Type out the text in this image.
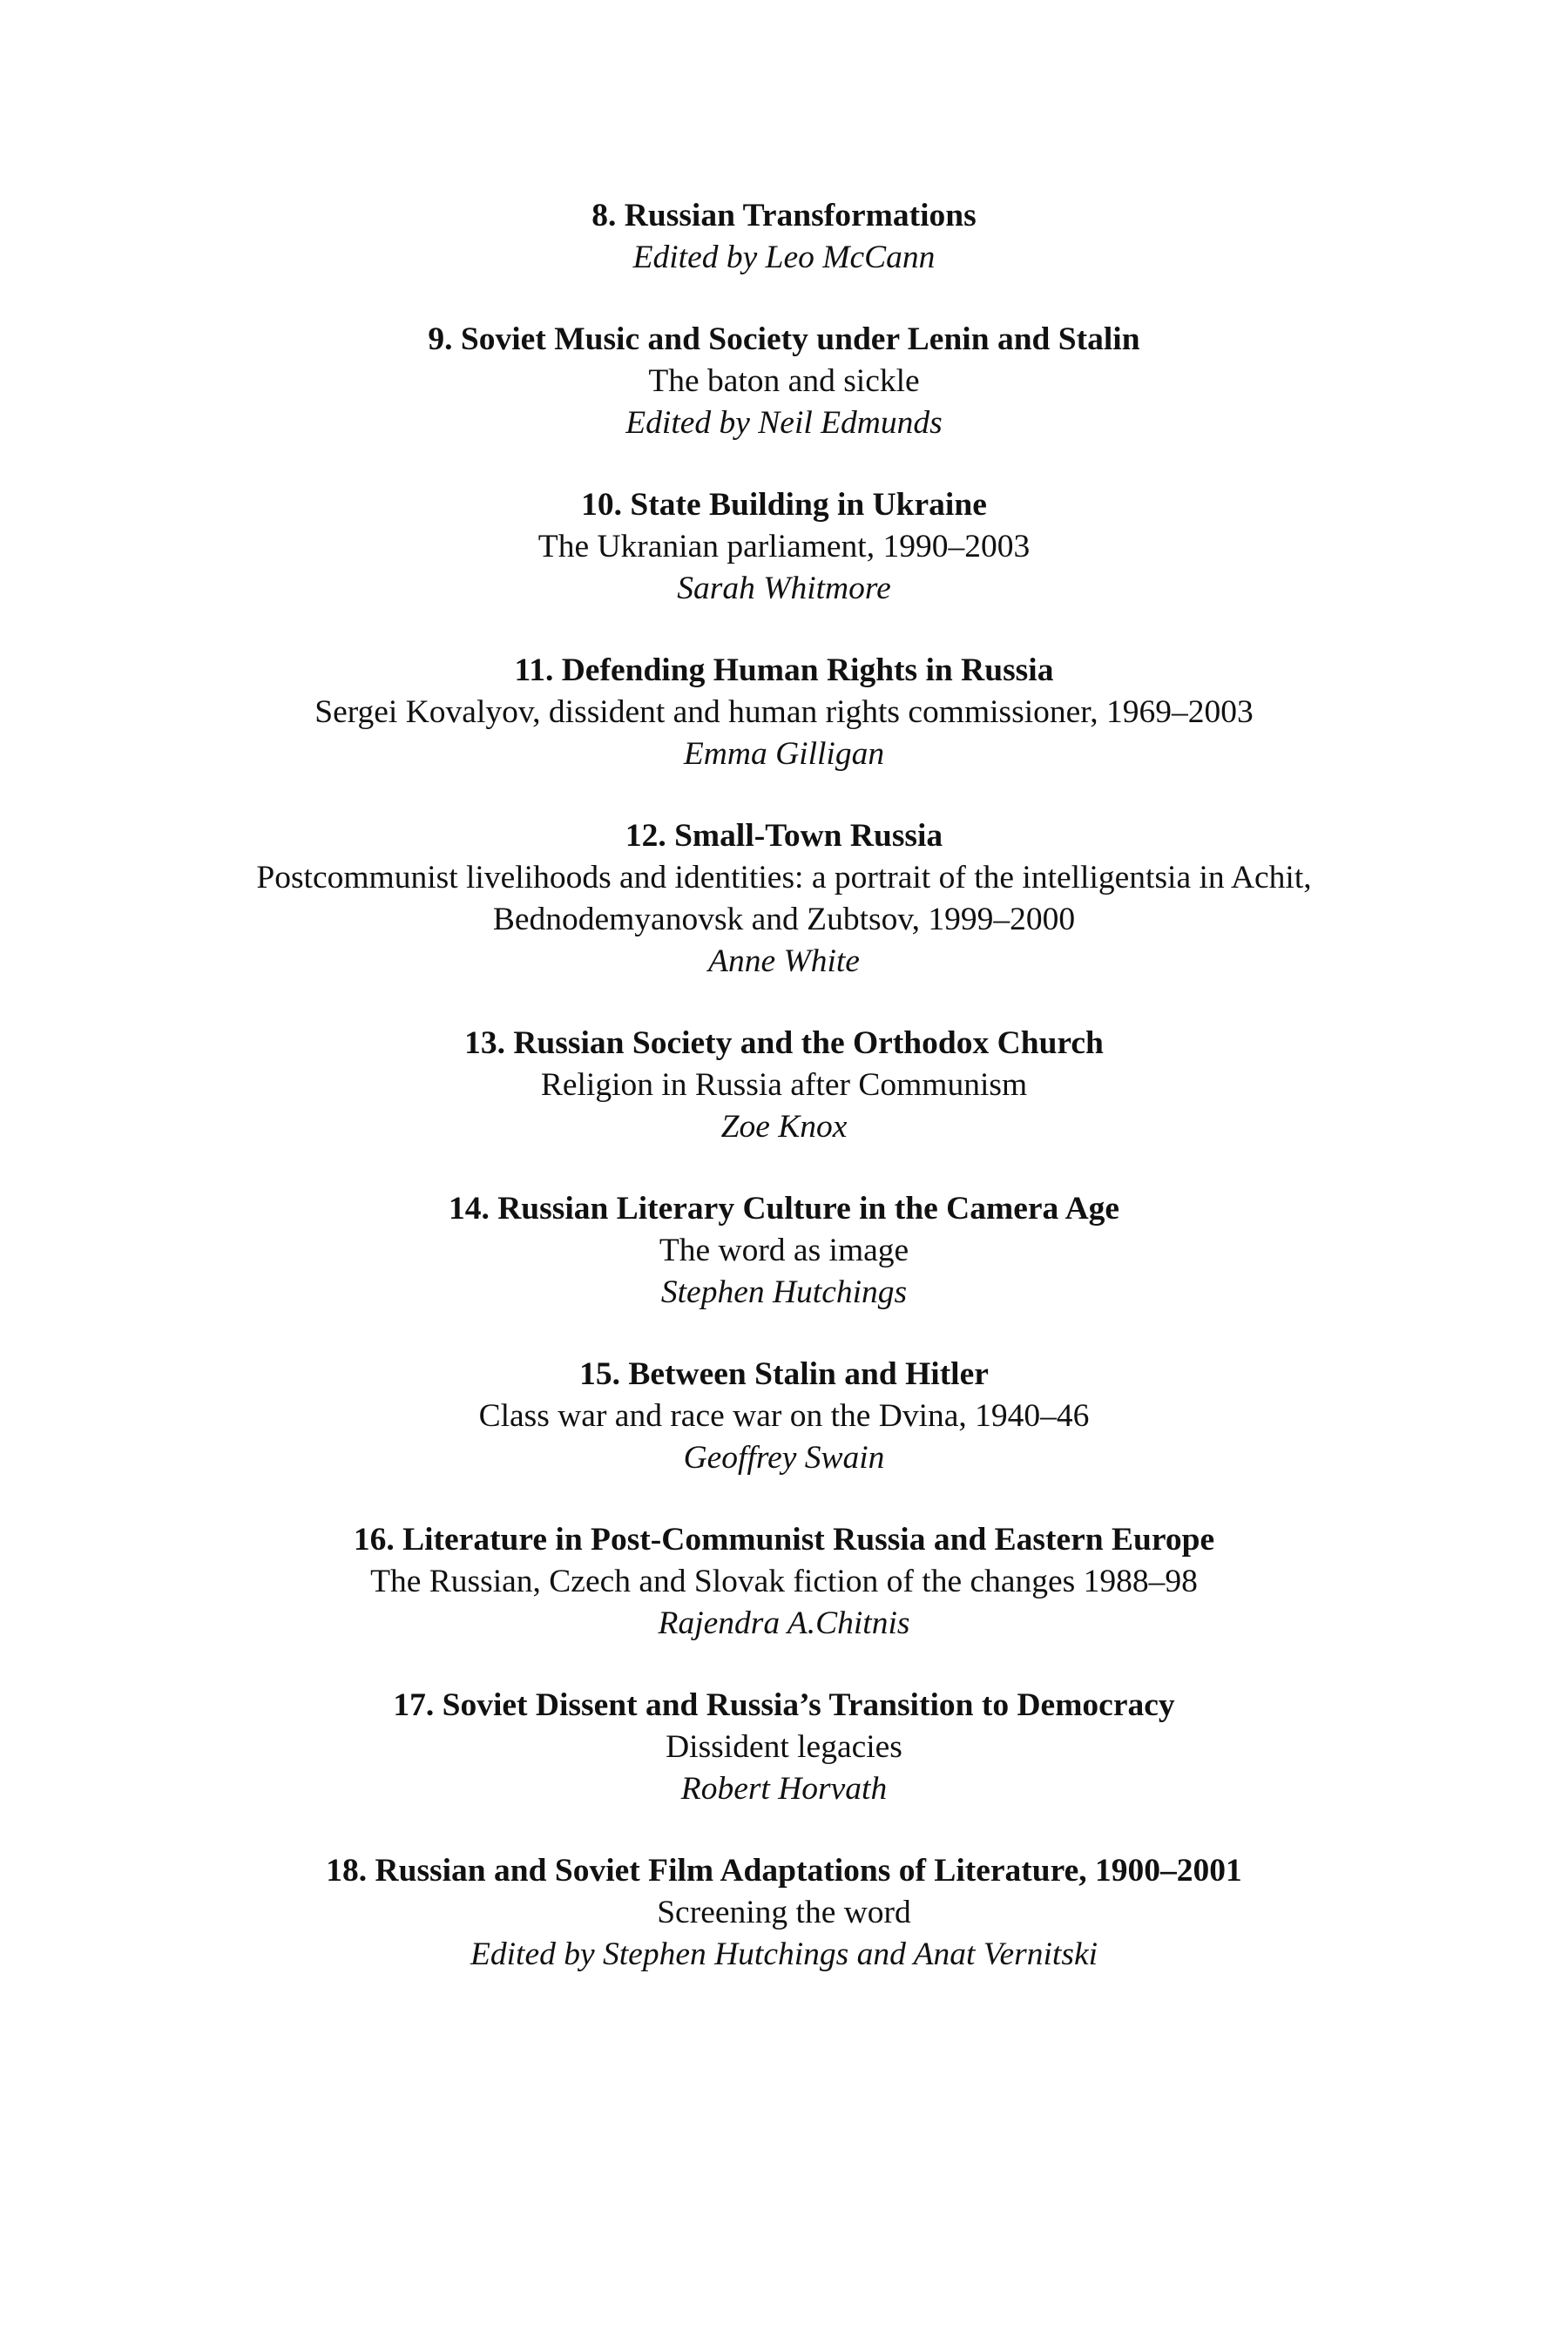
8. Russian Transformations
Edited by Leo McCann
9. Soviet Music and Society under Lenin and Stalin
The baton and sickle
Edited by Neil Edmunds
10. State Building in Ukraine
The Ukranian parliament, 1990–2003
Sarah Whitmore
11. Defending Human Rights in Russia
Sergei Kovalyov, dissident and human rights commissioner, 1969–2003
Emma Gilligan
12. Small-Town Russia
Postcommunist livelihoods and identities: a portrait of the intelligentsia in Achit,
Bednodemyanovsk and Zubtsov, 1999–2000
Anne White
13. Russian Society and the Orthodox Church
Religion in Russia after Communism
Zoe Knox
14. Russian Literary Culture in the Camera Age
The word as image
Stephen Hutchings
15. Between Stalin and Hitler
Class war and race war on the Dvina, 1940–46
Geoffrey Swain
16. Literature in Post-Communist Russia and Eastern Europe
The Russian, Czech and Slovak fiction of the changes 1988–98
Rajendra A.Chitnis
17. Soviet Dissent and Russia’s Transition to Democracy
Dissident legacies
Robert Horvath
18. Russian and Soviet Film Adaptations of Literature, 1900–2001
Screening the word
Edited by Stephen Hutchings and Anat Vernitski
